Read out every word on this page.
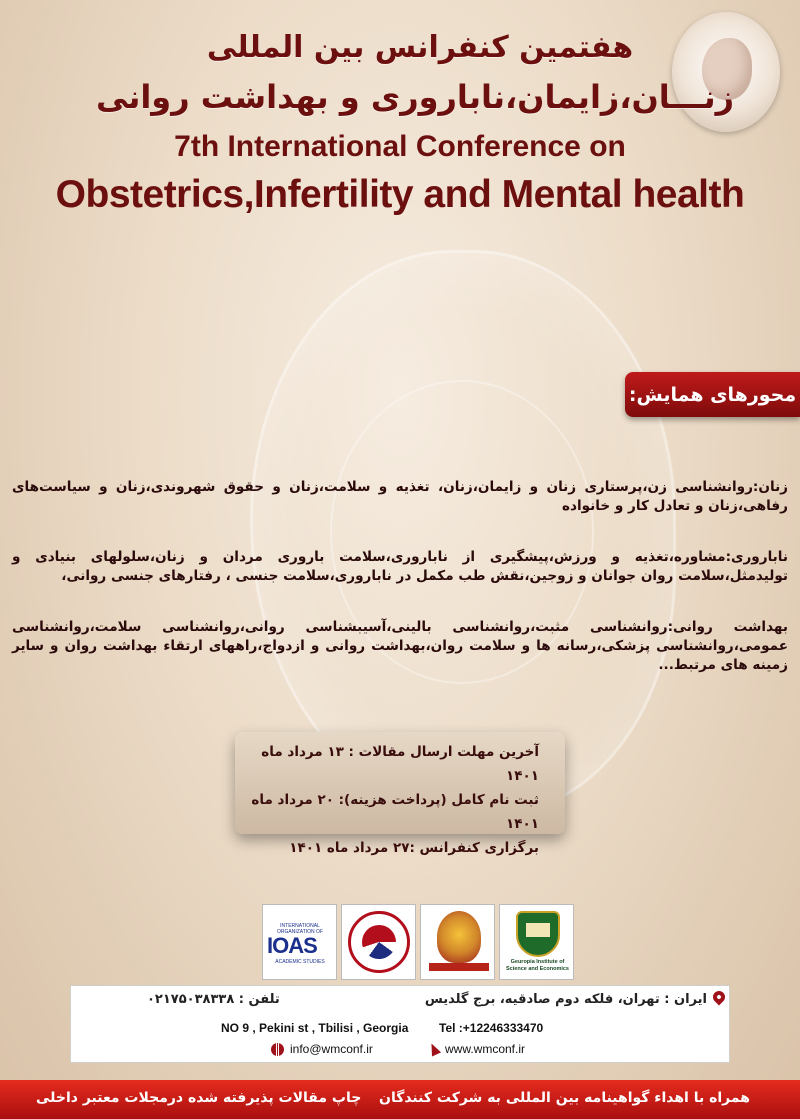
هفتمین کنفرانس بین المللی
زنـــان،زایمان،ناباروری و بهداشت روانی
7th International Conference on
Obstetrics,Infertility and Mental health
محورهای همایش:

زنان:روانشناسی زن،پرستاری زنان و زایمان،زنان، تغذیه و سلامت،زنان و حقوق شهروندی،زنان و سیاست‌های رفاهی،زنان و تعادل کار و خانواده

ناباروری:مشاوره،تغذیه و ورزش،پیشگیری از ناباروری،سلامت باروری مردان و زنان،سلولهای بنیادی و تولیدمثل،سلامت روان جوانان و زوجین،نقش طب مکمل در ناباروری،سلامت جنسی ، رفتارهای جنسی روانی،

بهداشت روانی:روانشناسی مثبت،روانشناسی بالینی،آسیبشناسی روانی،روانشناسی سلامت،روانشناسی عمومی،روانشناسی پزشکی،رسانه ها و سلامت روان،بهداشت روانی و ازدواج،راههای ارتقاء بهداشت روان و سایر زمینه های مرتبط...

آخرین مهلت ارسال مقالات : ۱۳ مرداد ماه ۱۴۰۱
ثبت نام کامل (پرداخت هزینه): ۲۰ مرداد ماه ۱۴۰۱
برگزاری کنفرانس :۲۷ مرداد ماه ۱۴۰۱
INTERNATIONAL ORGANIZATION OF
IOAS
ACADEMIC STUDIES	Geuropia Institute of Science and Economics
ایران : تهران، فلکه دوم صادقیه، برج گلدیس
تلفن : ۰۲۱۷۵۰۳۸۳۳۸
NO 9 , Pekini st , Tbilisi , Georgia	Tel :+12246333470
info@wmconf.ir	www.wmconf.ir
همراه با اهداء گواهینامه بین المللی به شرکت کنندگان
چاپ مقالات پذیرفته شده درمجلات معتبر داخلی
